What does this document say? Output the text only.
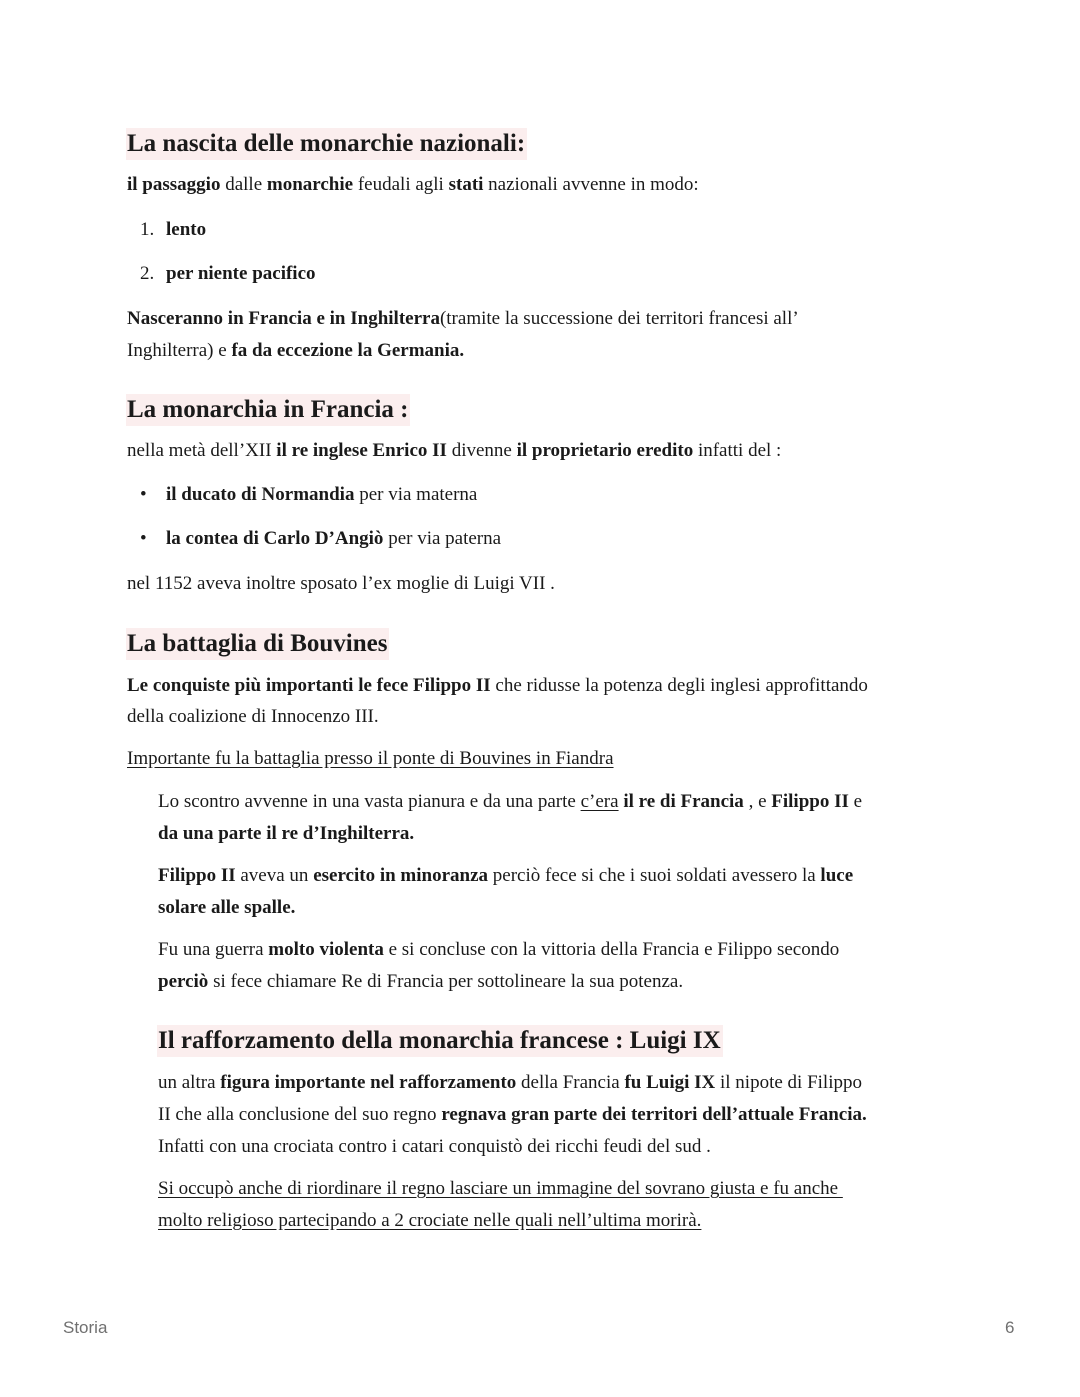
La nascita delle monarchie nazionali:

il passaggio dalle monarchie feudali agli stati nazionali avvenne in modo:

1. lento

2. per niente pacifico

Nasceranno in Francia e in Inghilterra(tramite la successione dei territori francesi all’

Inghilterra) e fa da eccezione la Germania.

La monarchia in Francia :

nella metà dell’XII il re inglese Enrico II divenne il proprietario eredito infatti del :

• il ducato di Normandia per via materna

• la contea di Carlo D’Angiò per via paterna

nel 1152 aveva inoltre sposato l’ex moglie di Luigi VII .

La battaglia di Bouvines

Le conquiste più importanti le fece Filippo II che ridusse la potenza degli inglesi approfittando

della coalizione di Innocenzo III.

Importante fu la battaglia presso il ponte di Bouvines in Fiandra

Lo scontro avvenne in una vasta pianura e da una parte c’era il re di Francia , e Filippo II e

da una parte il re d’Inghilterra.

Filippo II aveva un esercito in minoranza perciò fece si che i suoi soldati avessero la luce

solare alle spalle.

Fu una guerra molto violenta e si concluse con la vittoria della Francia e Filippo secondo

perciò si fece chiamare Re di Francia per sottolineare la sua potenza.

Il rafforzamento della monarchia francese : Luigi IX

un altra figura importante nel rafforzamento della Francia fu Luigi IX il nipote di Filippo

II che alla conclusione del suo regno regnava gran parte dei territori dell’attuale Francia.

Infatti con una crociata contro i catari conquistò dei ricchi feudi del sud .

Si occupò anche di riordinare il regno lasciare un immagine del sovrano giusta e fu anche

molto religioso partecipando a 2 crociate nelle quali nell’ultima morirà.

Storia	6
